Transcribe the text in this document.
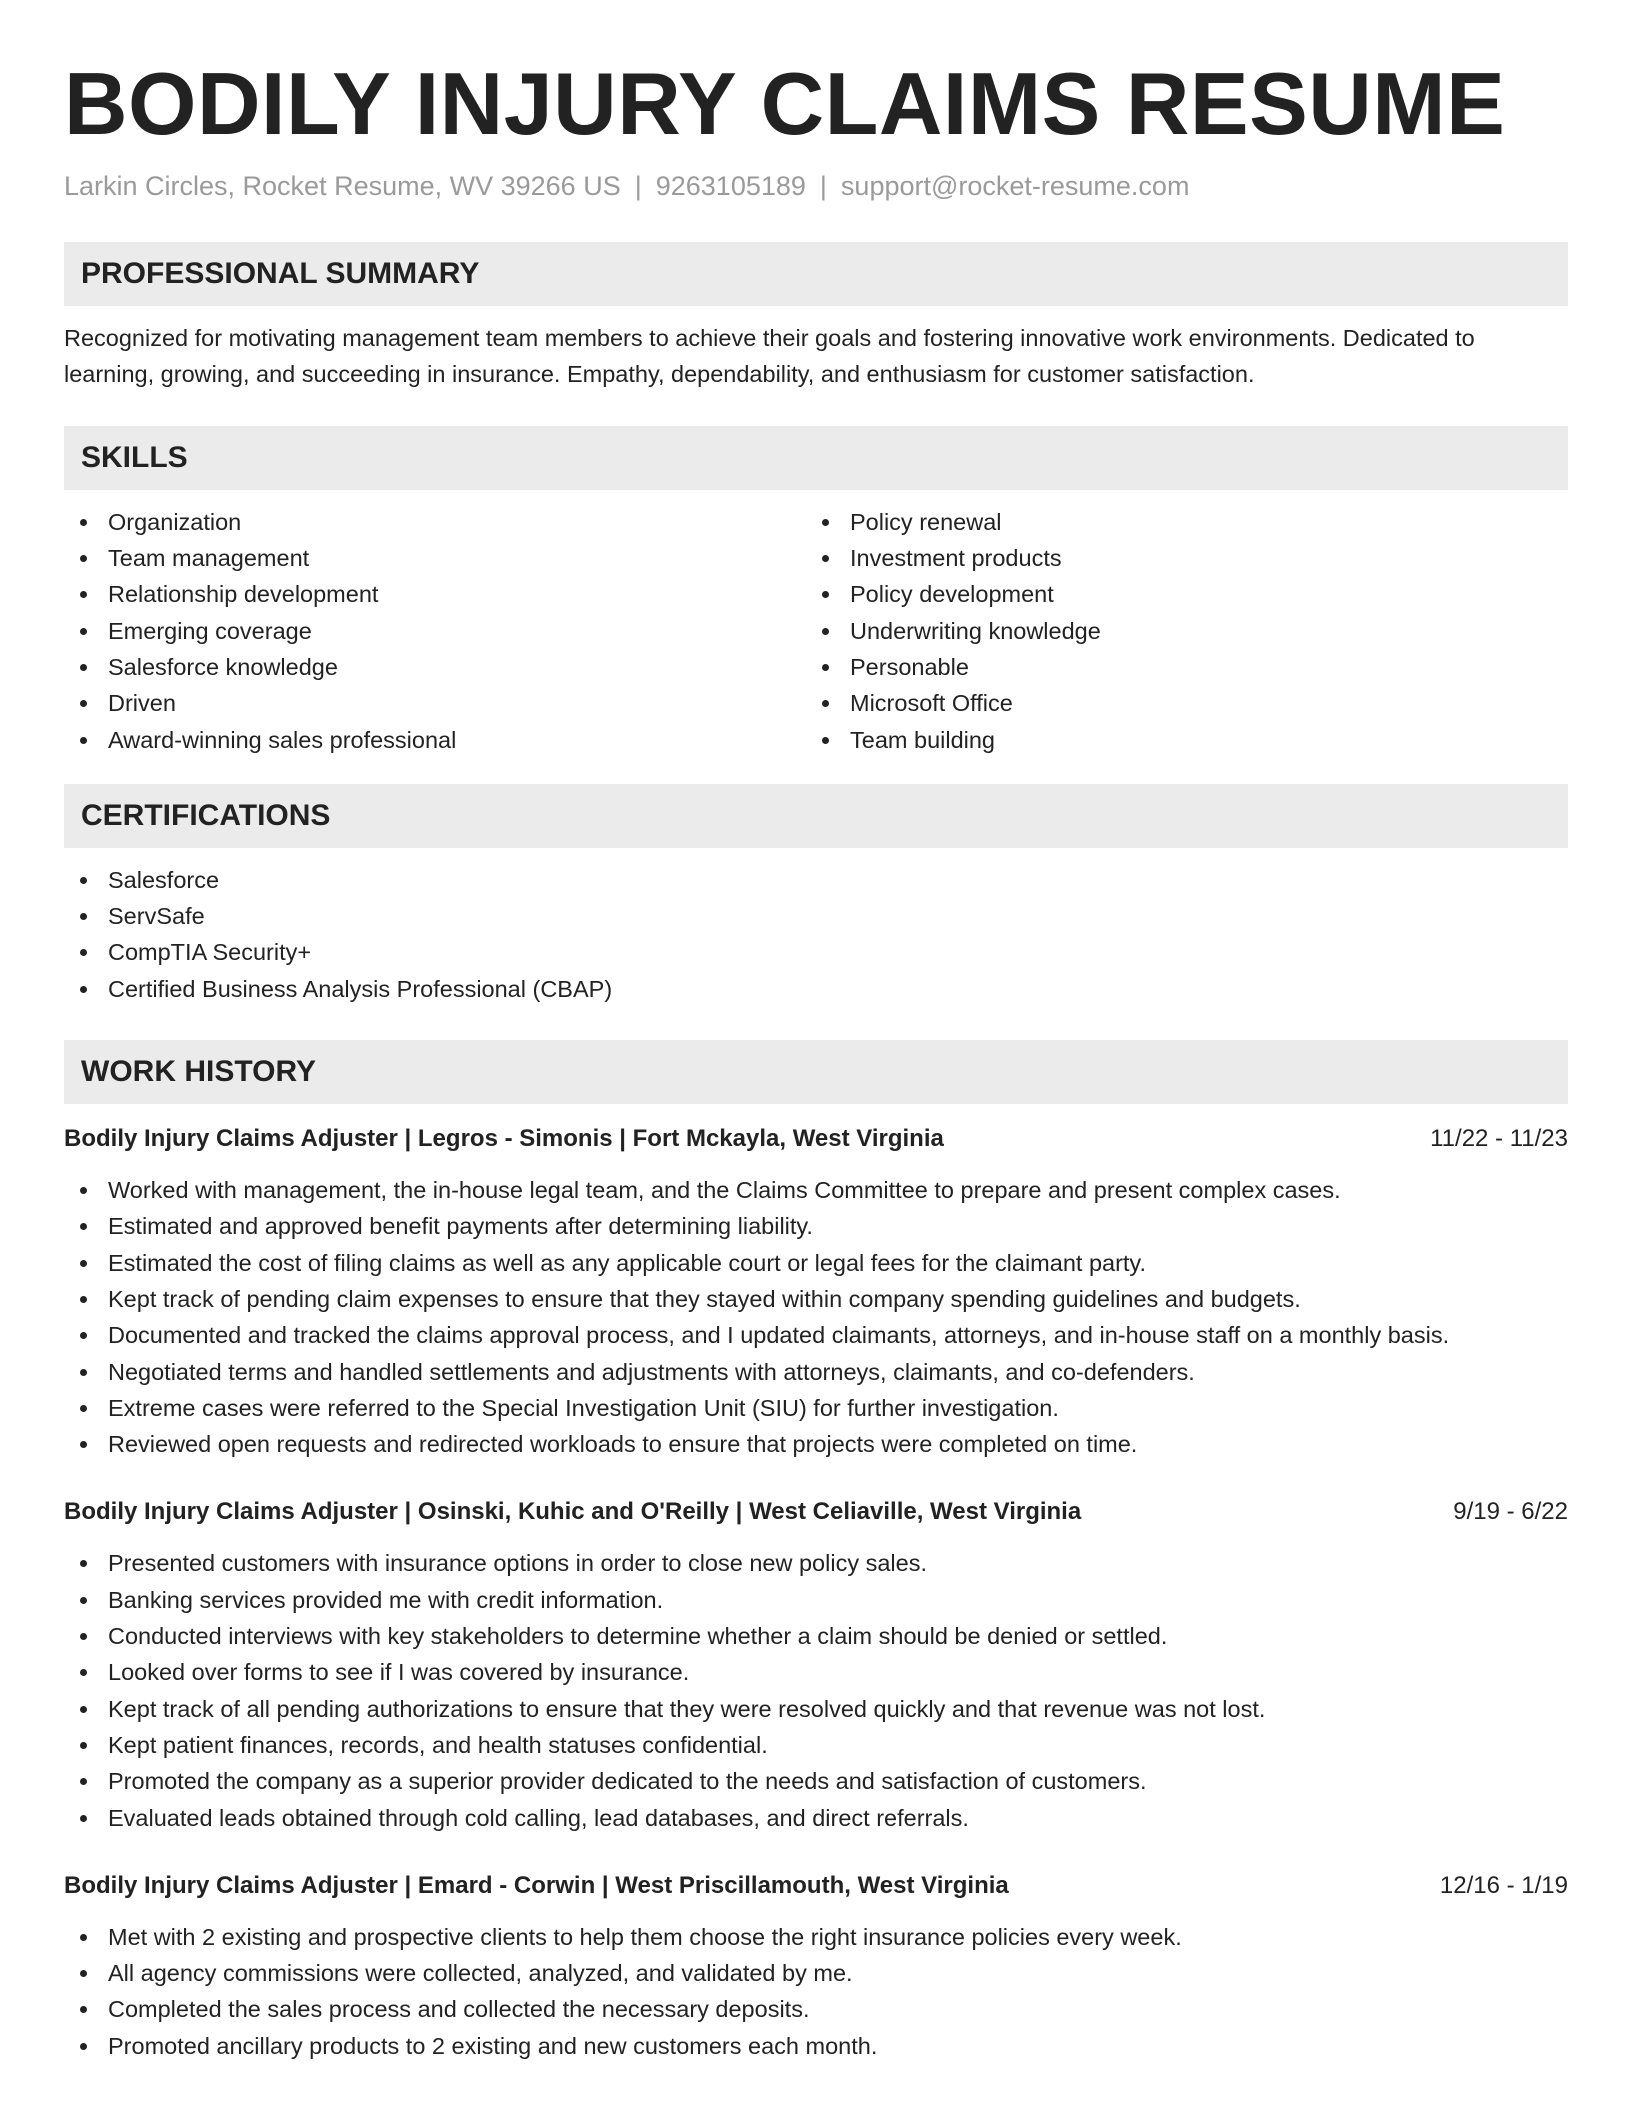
BODILY INJURY CLAIMS RESUME
Larkin Circles, Rocket Resume, WV 39266 US | 9263105189 | support@rocket-resume.com
PROFESSIONAL SUMMARY
Recognized for motivating management team members to achieve their goals and fostering innovative work environments. Dedicated to learning, growing, and succeeding in insurance. Empathy, dependability, and enthusiasm for customer satisfaction.
SKILLS
Organization
Team management
Relationship development
Emerging coverage
Salesforce knowledge
Driven
Award-winning sales professional
Policy renewal
Investment products
Policy development
Underwriting knowledge
Personable
Microsoft Office
Team building
CERTIFICATIONS
Salesforce
ServSafe
CompTIA Security+
Certified Business Analysis Professional (CBAP)
WORK HISTORY
Bodily Injury Claims Adjuster | Legros - Simonis | Fort Mckayla, West Virginia	11/22 - 11/23
Worked with management, the in-house legal team, and the Claims Committee to prepare and present complex cases.
Estimated and approved benefit payments after determining liability.
Estimated the cost of filing claims as well as any applicable court or legal fees for the claimant party.
Kept track of pending claim expenses to ensure that they stayed within company spending guidelines and budgets.
Documented and tracked the claims approval process, and I updated claimants, attorneys, and in-house staff on a monthly basis.
Negotiated terms and handled settlements and adjustments with attorneys, claimants, and co-defenders.
Extreme cases were referred to the Special Investigation Unit (SIU) for further investigation.
Reviewed open requests and redirected workloads to ensure that projects were completed on time.
Bodily Injury Claims Adjuster | Osinski, Kuhic and O'Reilly | West Celiaville, West Virginia	9/19 - 6/22
Presented customers with insurance options in order to close new policy sales.
Banking services provided me with credit information.
Conducted interviews with key stakeholders to determine whether a claim should be denied or settled.
Looked over forms to see if I was covered by insurance.
Kept track of all pending authorizations to ensure that they were resolved quickly and that revenue was not lost.
Kept patient finances, records, and health statuses confidential.
Promoted the company as a superior provider dedicated to the needs and satisfaction of customers.
Evaluated leads obtained through cold calling, lead databases, and direct referrals.
Bodily Injury Claims Adjuster | Emard - Corwin | West Priscillamouth, West Virginia	12/16 - 1/19
Met with 2 existing and prospective clients to help them choose the right insurance policies every week.
All agency commissions were collected, analyzed, and validated by me.
Completed the sales process and collected the necessary deposits.
Promoted ancillary products to 2 existing and new customers each month.
